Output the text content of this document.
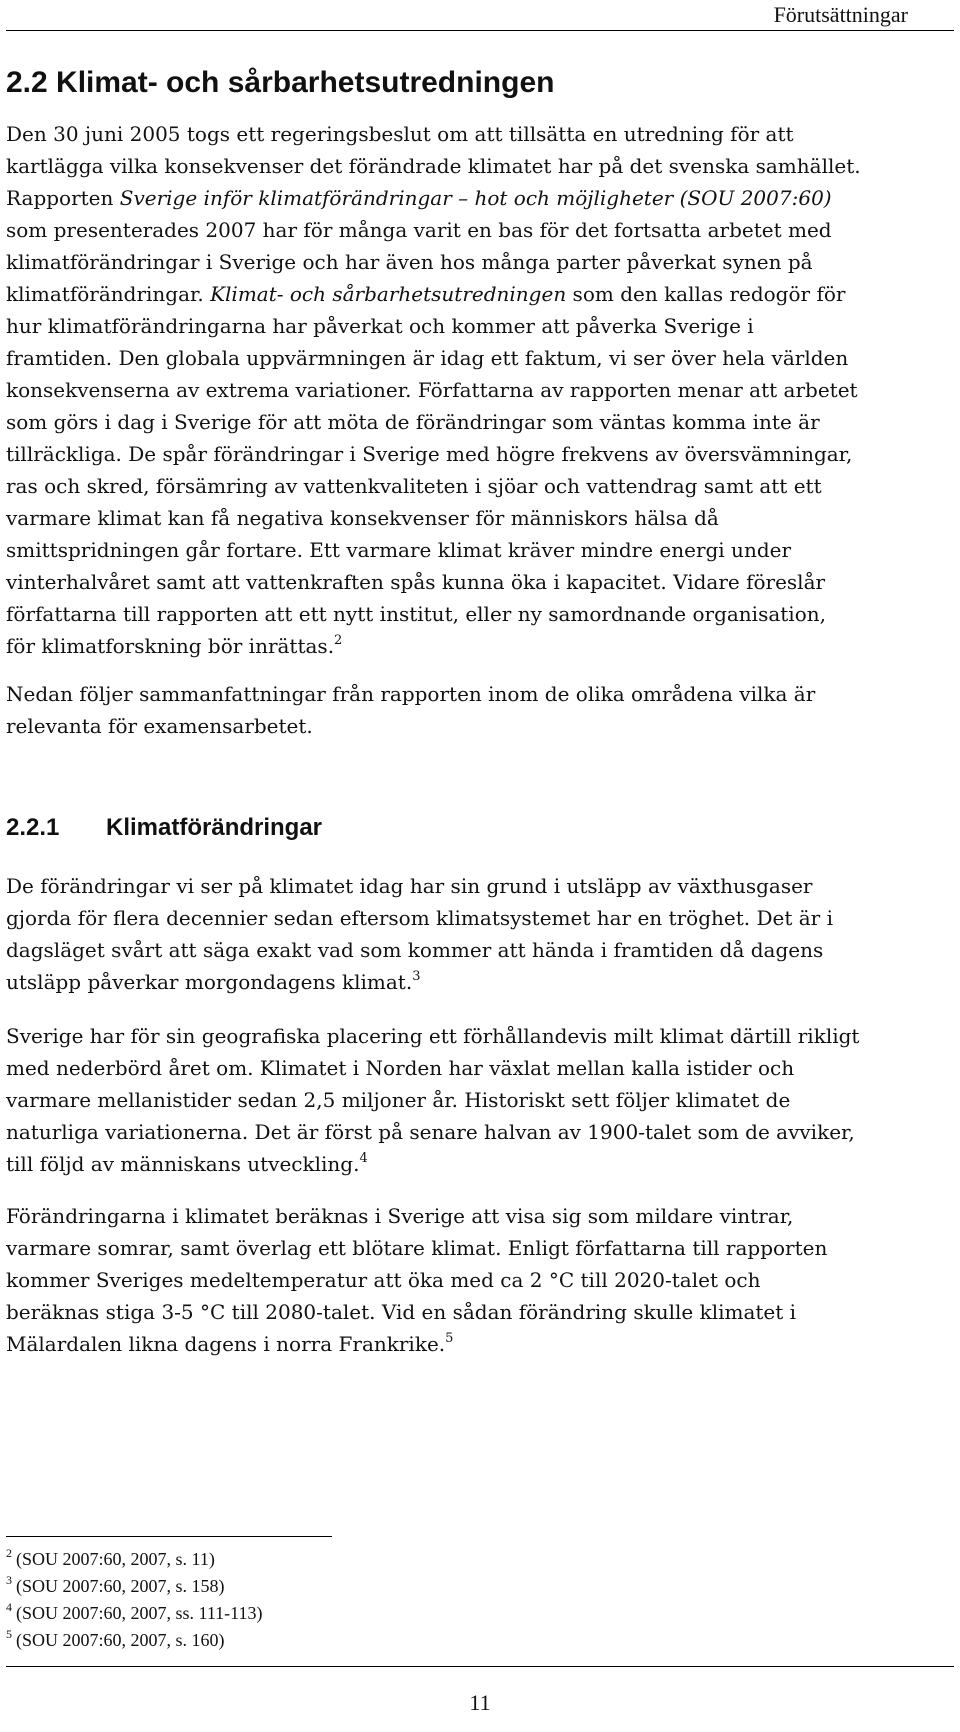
Förutsättningar
2.2 Klimat- och sårbarhetsutredningen
Den 30 juni 2005 togs ett regeringsbeslut om att tillsätta en utredning för att
kartlägga vilka konsekvenser det förändrade klimatet har på det svenska samhället.
Rapporten Sverige inför klimatförändringar – hot och möjligheter (SOU 2007:60)
som presenterades 2007 har för många varit en bas för det fortsatta arbetet med
klimatförändringar i Sverige och har även hos många parter påverkat synen på
klimatförändringar. Klimat- och sårbarhetsutredningen som den kallas redogör för
hur klimatförändringarna har påverkat och kommer att påverka Sverige i
framtiden. Den globala uppvärmningen är idag ett faktum, vi ser över hela världen
konsekvenserna av extrema variationer. Författarna av rapporten menar att arbetet
som görs i dag i Sverige för att möta de förändringar som väntas komma inte är
tillräckliga. De spår förändringar i Sverige med högre frekvens av översvämningar,
ras och skred, försämring av vattenkvaliteten i sjöar och vattendrag samt att ett
varmare klimat kan få negativa konsekvenser för människors hälsa då
smittspridningen går fortare. Ett varmare klimat kräver mindre energi under
vinterhalvåret samt att vattenkraften spås kunna öka i kapacitet. Vidare föreslår
författarna till rapporten att ett nytt institut, eller ny samordnande organisation,
för klimatforskning bör inrättas.$^2$
Nedan följer sammanfattningar från rapporten inom de olika områdena vilka är
relevanta för examensarbetet.
2.2.1 Klimatförändringar
De förändringar vi ser på klimatet idag har sin grund i utsläpp av växthusgaser
gjorda för flera decennier sedan eftersom klimatsystemet har en tröghet. Det är i
dagsläget svårt att säga exakt vad som kommer att hända i framtiden då dagens
utsläpp påverkar morgondagens klimat.$^3$
Sverige har för sin geografiska placering ett förhållandevis milt klimat därtill rikligt
med nederbörd året om. Klimatet i Norden har växlat mellan kalla istider och
varmare mellanistider sedan 2,5 miljoner år. Historiskt sett följer klimatet de
naturliga variationerna. Det är först på senare halvan av 1900-talet som de avviker,
till följd av människans utveckling.$^4$
Förändringarna i klimatet beräknas i Sverige att visa sig som mildare vintrar,
varmare somrar, samt överlag ett blötare klimat. Enligt författarna till rapporten
kommer Sveriges medeltemperatur att öka med ca 2 °C till 2020-talet och
beräknas stiga 3-5 °C till 2080-talet. Vid en sådan förändring skulle klimatet i
Mälardalen likna dagens i norra Frankrike.$^5$
$^2$ (SOU 2007:60, 2007, s. 11)
$^3$ (SOU 2007:60, 2007, s. 158)
$^4$ (SOU 2007:60, 2007, ss. 111-113)
$^5$ (SOU 2007:60, 2007, s. 160)
11
